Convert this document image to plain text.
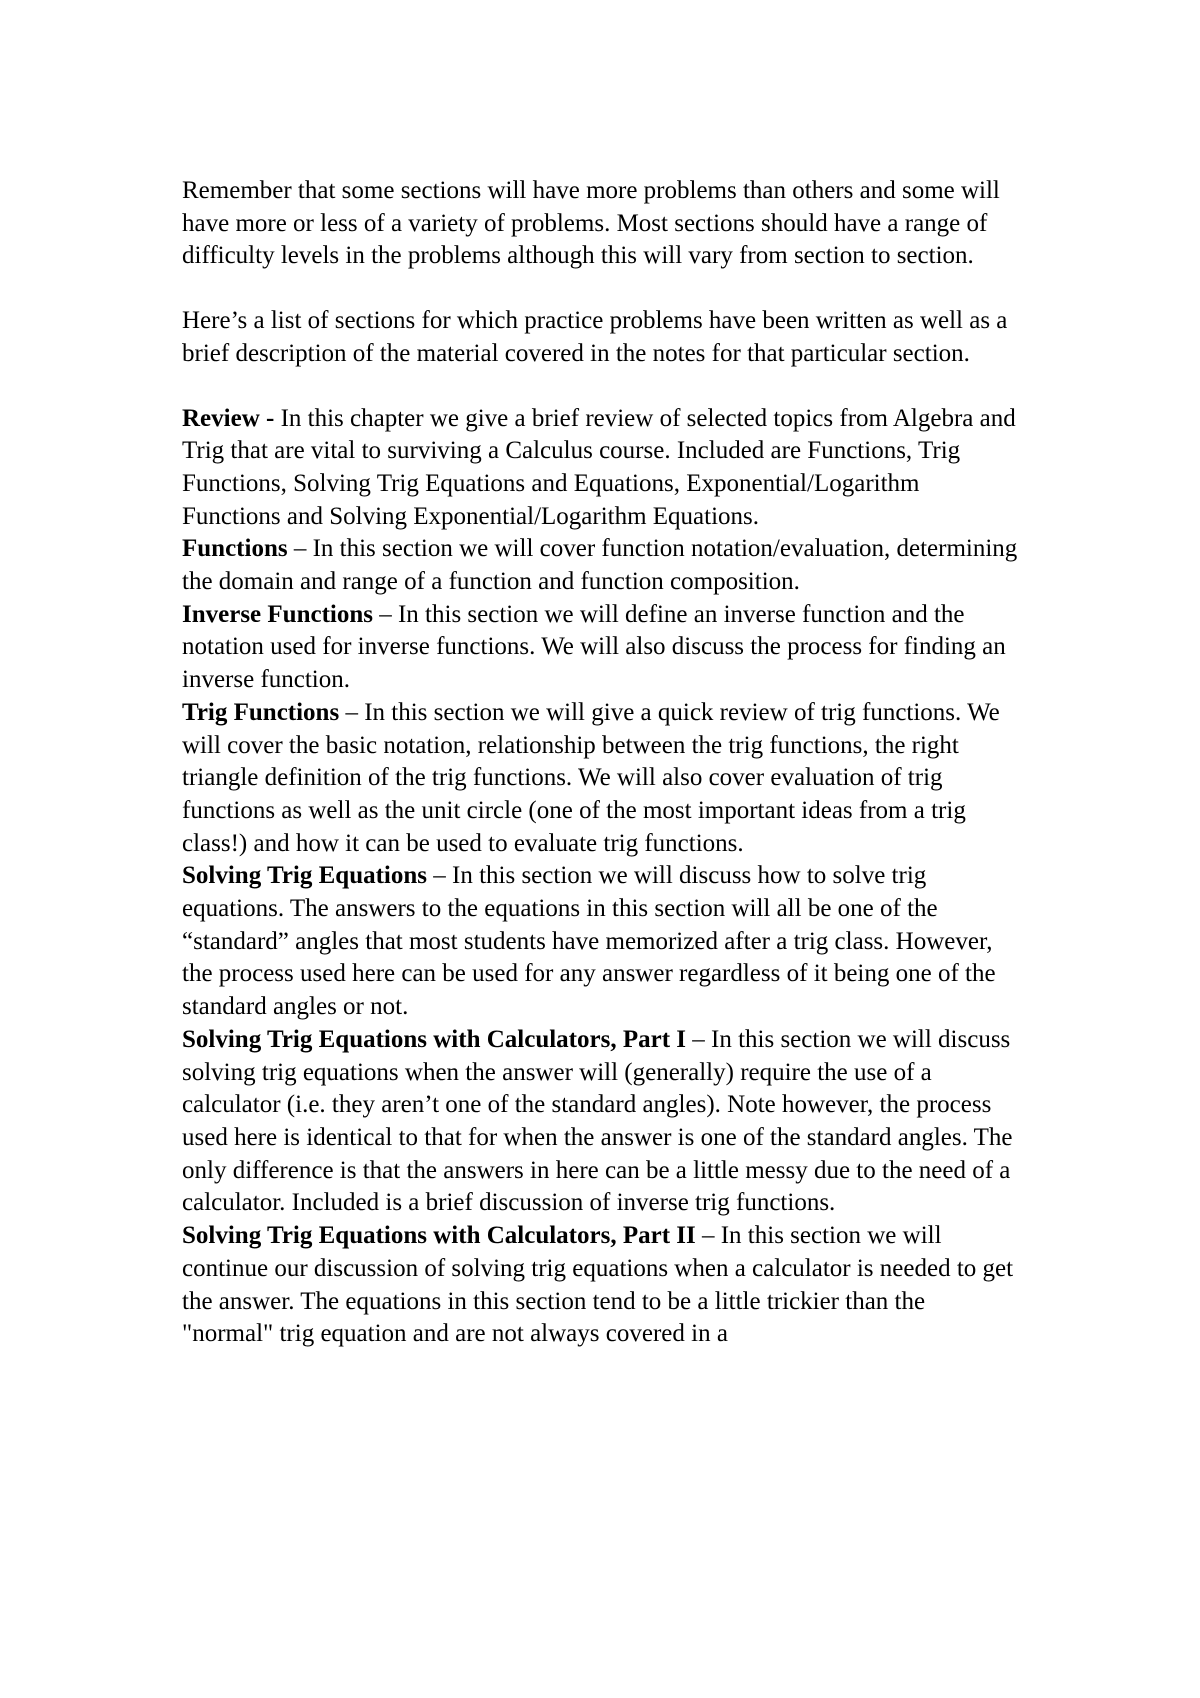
Remember that some sections will have more problems than others and some will have more or less of a variety of problems. Most sections should have a range of difficulty levels in the problems although this will vary from section to section.

Here’s a list of sections for which practice problems have been written as well as a brief description of the material covered in the notes for that particular section.

Review - In this chapter we give a brief review of selected topics from Algebra and Trig that are vital to surviving a Calculus course. Included are Functions, Trig Functions, Solving Trig Equations and Equations, Exponential/Logarithm Functions and Solving Exponential/Logarithm Equations.

Functions – In this section we will cover function notation/evaluation, determining the domain and range of a function and function composition.

Inverse Functions – In this section we will define an inverse function and the notation used for inverse functions. We will also discuss the process for finding an inverse function.

Trig Functions – In this section we will give a quick review of trig functions. We will cover the basic notation, relationship between the trig functions, the right triangle definition of the trig functions. We will also cover evaluation of trig functions as well as the unit circle (one of the most important ideas from a trig class!) and how it can be used to evaluate trig functions.

Solving Trig Equations – In this section we will discuss how to solve trig equations. The answers to the equations in this section will all be one of the “standard” angles that most students have memorized after a trig class. However, the process used here can be used for any answer regardless of it being one of the standard angles or not.

Solving Trig Equations with Calculators, Part I – In this section we will discuss solving trig equations when the answer will (generally) require the use of a calculator (i.e. they aren’t one of the standard angles). Note however, the process used here is identical to that for when the answer is one of the standard angles. The only difference is that the answers in here can be a little messy due to the need of a calculator. Included is a brief discussion of inverse trig functions.

Solving Trig Equations with Calculators, Part II – In this section we will continue our discussion of solving trig equations when a calculator is needed to get the answer. The equations in this section tend to be a little trickier than the "normal" trig equation and are not always covered in a
